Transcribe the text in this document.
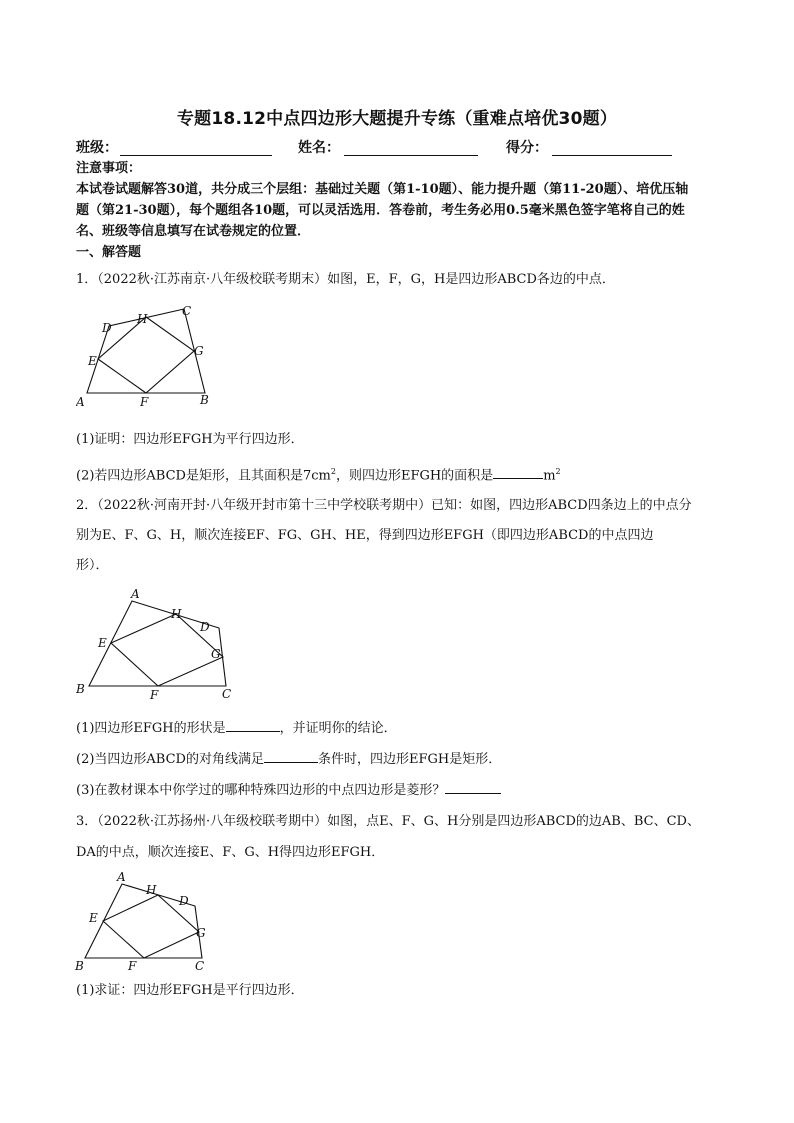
专题18.12中点四边形大题提升专练（重难点培优30题）
班级：	姓名：	得分：
注意事项：
本试卷试题解答30道，共分成三个层组：基础过关题（第1-10题）、能力提升题（第11-20题）、培优压轴
题（第21-30题），每个题组各10题，可以灵活选用．答卷前，考生务必用0.5毫米黑色签字笔将自己的姓
名、班级等信息填写在试卷规定的位置．
一、解答题
1．（2022秋·江苏南京·八年级校联考期末）如图，E，F，G，H是四边形ABCD各边的中点．
A	B
C
D
E
F
G
H
(1)证明：四边形EFGH为平行四边形．
(2)若四边形ABCD是矩形，且其面积是$7cm^2$，则四边形EFGH的面积是	$m^2$
2．（2022秋·河南开封·八年级开封市第十三中学校联考期中）已知：如图，四边形ABCD四条边上的中点分
别为E、F、G、H，顺次连接EF、FG、GH、HE，得到四边形EFGH（即四边形ABCD的中点四边
形）．
A
B	C
D
E
F
G
H
(1)四边形EFGH的形状是	，并证明你的结论．
(2)当四边形ABCD的对角线满足	条件时，四边形EFGH是矩形．
(3)在教材课本中你学过的哪种特殊四边形的中点四边形是菱形？
3．（2022秋·江苏扬州·八年级校联考期中）如图，点E、F、G、H分别是四边形ABCD的边AB、BC、CD、
DA的中点，顺次连接E、F、G、H得四边形EFGH．
A
B	C
D
E
F
G
H
(1)求证：四边形EFGH是平行四边形．
